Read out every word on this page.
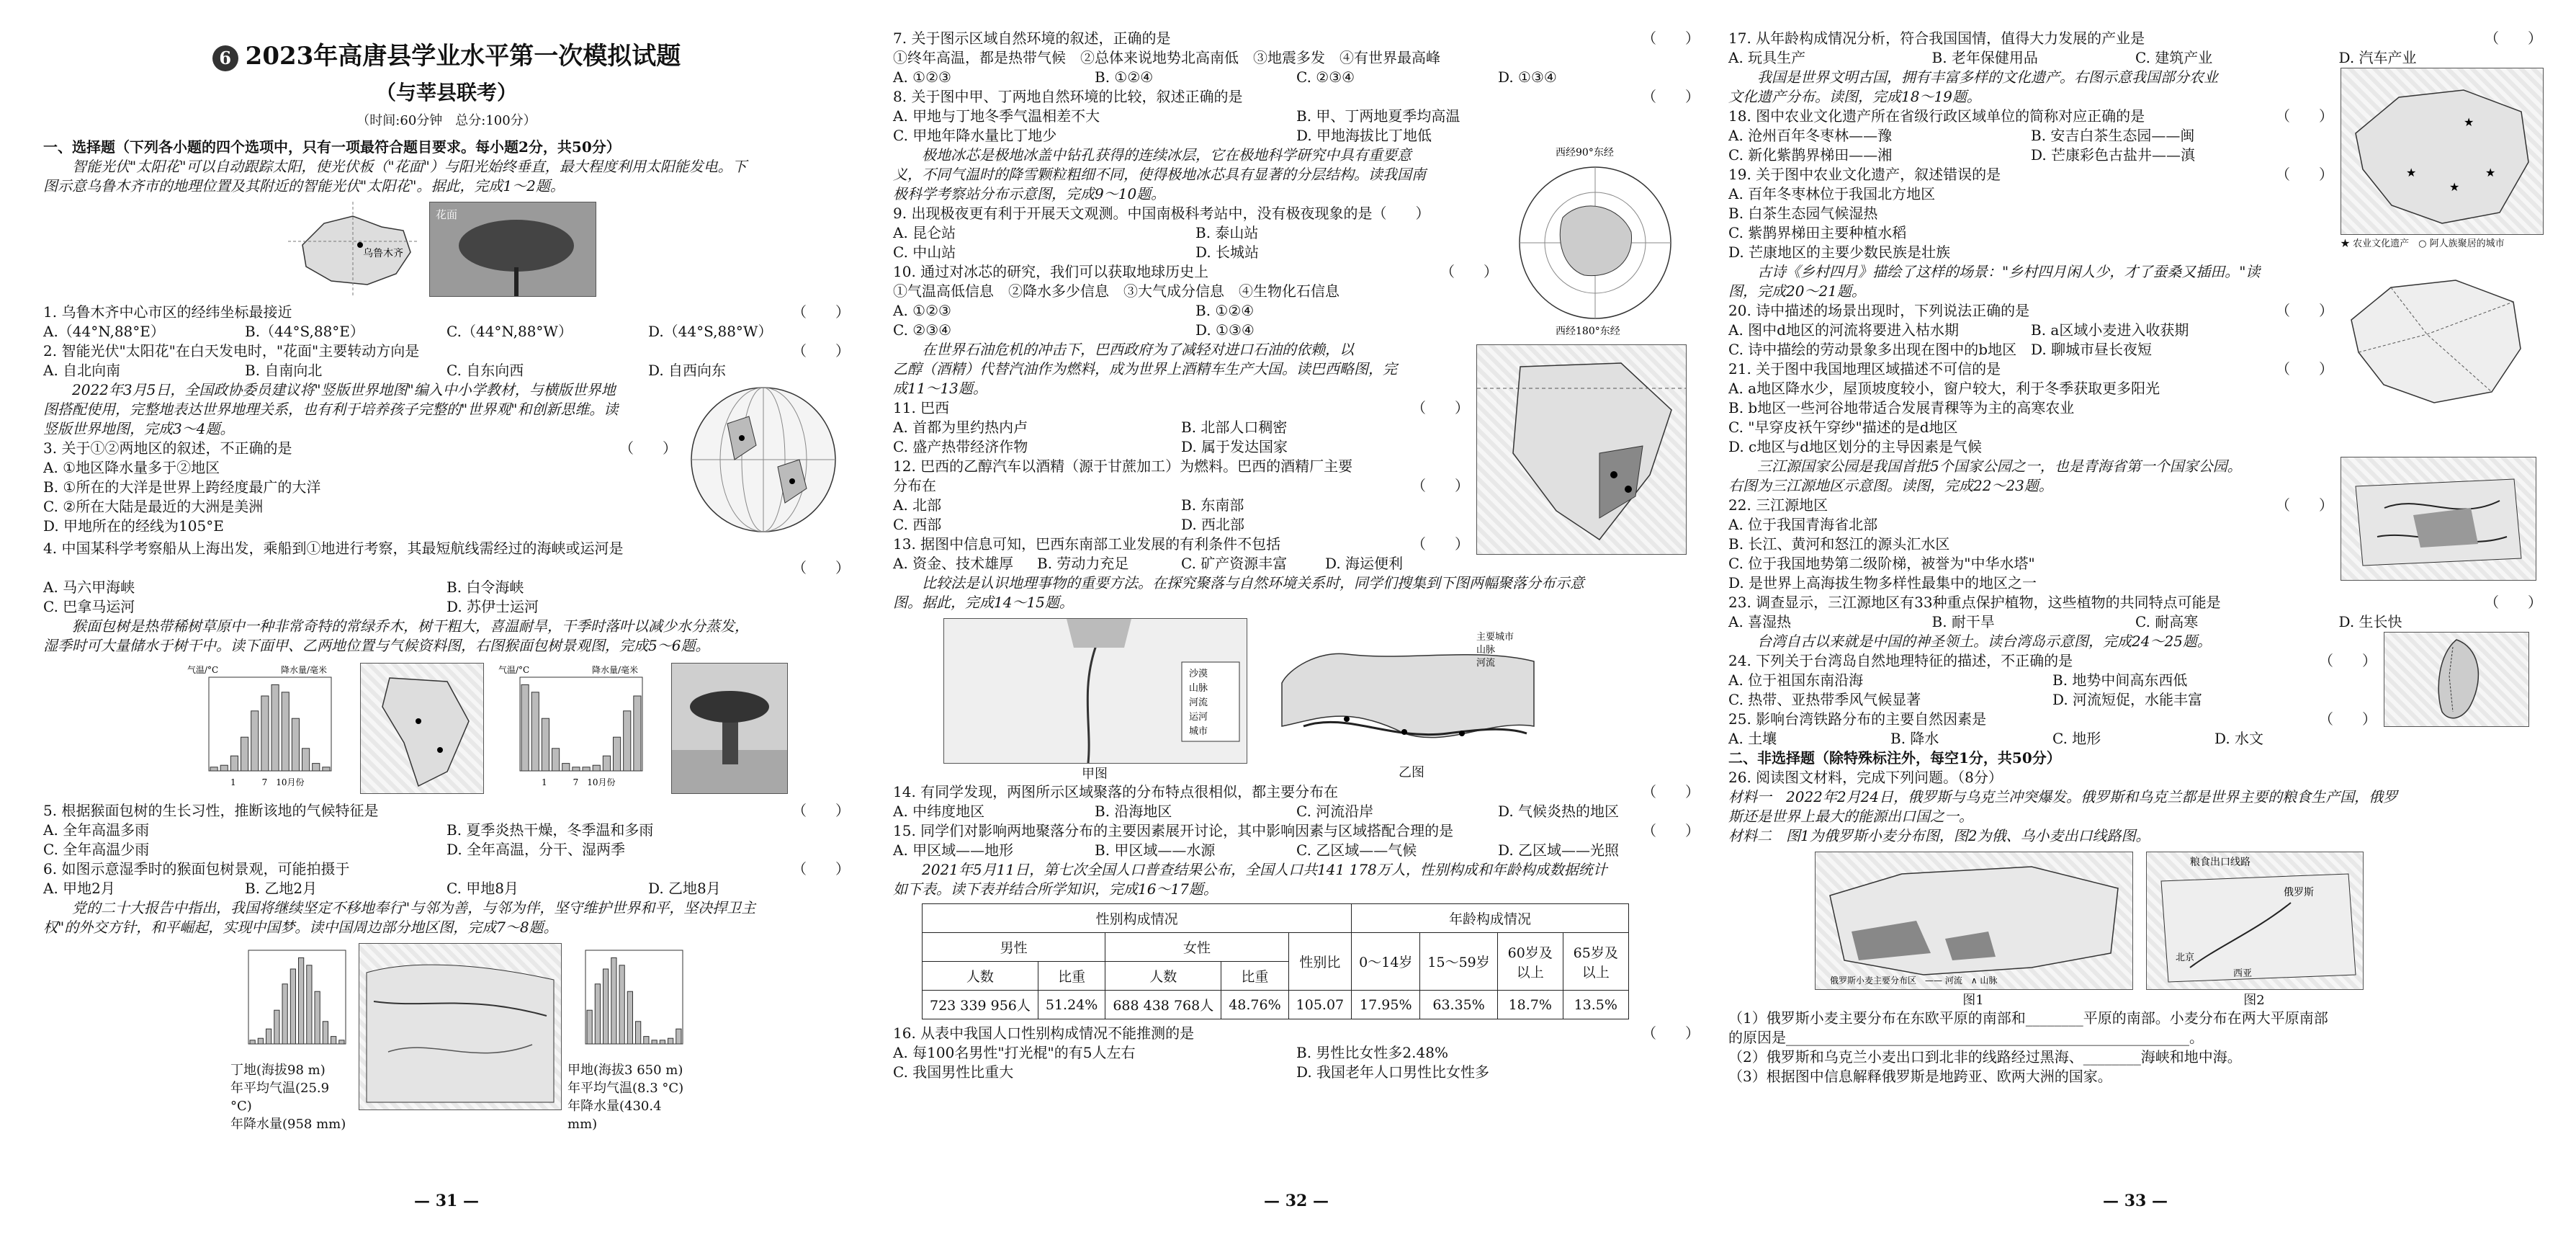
6 2023年高唐县学业水平第一次模拟试题
（与莘县联考）
（时间:60分钟　总分:100分）
一、选择题（下列各小题的四个选项中，只有一项最符合题目要求。每小题2分，共50分）
　　智能光伏"太阳花"可以自动跟踪太阳，使光伏板（"花面"）与阳光始终垂直，最大程度利用太阳能发电。下
图示意乌鲁木齐市的地理位置及其附近的智能光伏"太阳花"。据此，完成1～2题。
乌鲁木齐
花面
1. 乌鲁木齐中心市区的经纬坐标最接近	（　　）
A.（44°N,88°E）	B.（44°S,88°E）	C.（44°N,88°W）	D.（44°S,88°W）
2. 智能光伏"太阳花"在白天发电时，"花面"主要转动方向是	（　　）
A. 自北向南	B. 自南向北	C. 自东向西	D. 自西向东
　　2022年3月5日，全国政协委员建议将"竖版世界地图"编入中小学教材，与横版世界地
图搭配使用，完整地表达世界地理关系，也有利于培养孩子完整的"世界观"和创新思维。读
竖版世界地图，完成3～4题。
3. 关于①②两地区的叙述，不正确的是	（　　）
A. ①地区降水量多于②地区
B. ①所在的大洋是世界上跨经度最广的大洋
C. ②所在大陆是最近的大洲是美洲
D. 甲地所在的经线为105°E
4. 中国某科学考察船从上海出发，乘船到①地进行考察，其最短航线需经过的海峡或运河是
（　　）
A. 马六甲海峡	B. 白令海峡
C. 巴拿马运河	D. 苏伊士运河
　　猴面包树是热带稀树草原中一种非常奇特的常绿乔木，树干粗大，喜温耐旱，干季时落叶以减少水分蒸发，
湿季时可大量储水于树干中。读下面甲、乙两地位置与气候资料图，右图猴面包树景观图，完成5～6题。
气温/°C	降水量/毫米
1　　　7　10月份
气温/°C	降水量/毫米
1　　　7　10月份
5. 根据猴面包树的生长习性，推断该地的气候特征是	（　　）
A. 全年高温多雨	B. 夏季炎热干燥，冬季温和多雨
C. 全年高温少雨	D. 全年高温，分干、湿两季
6. 如图示意湿季时的猴面包树景观，可能拍摄于	（　　）
A. 甲地2月	B. 乙地2月	C. 甲地8月	D. 乙地8月
　　党的二十大报告中指出，我国将继续坚定不移地奉行"与邻为善，与邻为伴，坚守维护世界和平，坚决捍卫主
权"的外交方针，和平崛起，实现中国梦。读中国周边部分地区图，完成7～8题。
丁地(海拔98 m)
年平均气温(25.9 °C)
年降水量(958 mm)
甲地(海拔3 650 m)
年平均气温(8.3 °C)
年降水量(430.4 mm)
— 31 —
7. 关于图示区域自然环境的叙述，正确的是	（　　）
①终年高温，都是热带气候　②总体来说地势北高南低　③地震多发　④有世界最高峰
A. ①②③	B. ①②④	C. ②③④	D. ①③④
8. 关于图中甲、丁两地自然环境的比较，叙述正确的是	（　　）
A. 甲地与丁地冬季气温相差不大	B. 甲、丁两地夏季均高温
C. 甲地年降水量比丁地少	D. 甲地海拔比丁地低
　　极地冰芯是极地冰盖中钻孔获得的连续冰层，它在极地科学研究中具有重要意
义，不同气温时的降雪颗粒粗细不同，使得极地冰芯具有显著的分层结构。读我国南
极科学考察站分布示意图，完成9～10题。
9. 出现极夜更有利于开展天文观测。中国南极科考站中，没有极夜现象的是（　　）
A. 昆仑站	B. 泰山站
C. 中山站	D. 长城站
10. 通过对冰芯的研究，我们可以获取地球历史上	（　　）
①气温高低信息　②降水多少信息　③大气成分信息　④生物化石信息
A. ①②③	B. ①②④
C. ②③④	D. ①③④
西经90°东经
西经180°东经
　　在世界石油危机的冲击下，巴西政府为了减轻对进口石油的依赖，以
乙醇（酒精）代替汽油作为燃料，成为世界上酒精车生产大国。读巴西略图，完
成11～13题。
11. 巴西	（　　）
A. 首都为里约热内卢	B. 北部人口稠密
C. 盛产热带经济作物	D. 属于发达国家
12. 巴西的乙醇汽车以酒精（源于甘蔗加工）为燃料。巴西的酒精厂主要
分布在	（　　）
A. 北部	B. 东南部
C. 西部	D. 西北部
13. 据图中信息可知，巴西东南部工业发展的有利条件不包括	（　　）
A. 资金、技术雄厚	B. 劳动力充足	C. 矿产资源丰富	D. 海运便利
　　比较法是认识地理事物的重要方法。在探究聚落与自然环境关系时，同学们搜集到下图两幅聚落分布示意
图。据此，完成14～15题。
沙漠
山脉
河流
运河
城市
甲图
主要城市
山脉
河流
乙图
14. 有同学发现，两图所示区域聚落的分布特点很相似，都主要分布在	（　　）
A. 中纬度地区	B. 沿海地区	C. 河流沿岸	D. 气候炎热的地区
15. 同学们对影响两地聚落分布的主要因素展开讨论，其中影响因素与区域搭配合理的是	（　　）
A. 甲区域——地形	B. 甲区域——水源	C. 乙区域——气候	D. 乙区域——光照
　　2021年5月11日，第七次全国人口普查结果公布，全国人口共141 178万人，性别构成和年龄构成数据统计
如下表。读下表并结合所学知识，完成16～17题。
性别构成情况					年龄构成情况			
男性		女性		性别比	0～14岁	15～59岁	60岁及以上	65岁及以上
人数	比重	人数	比重					
723 339 956人	51.24%	688 438 768人	48.76%	105.07	17.95%	63.35%	18.7%	13.5%
16. 从表中我国人口性别构成情况不能推测的是	（　　）
A. 每100名男性"打光棍"的有5人左右	B. 男性比女性多2.48%
C. 我国男性比重大	D. 我国老年人口男性比女性多
— 32 —
17. 从年龄构成情况分析，符合我国国情，值得大力发展的产业是	（　　）
A. 玩具生产	B. 老年保健用品	C. 建筑产业	D. 汽车产业
　　我国是世界文明古国，拥有丰富多样的文化遗产。右图示意我国部分农业
文化遗产分布。读图，完成18～19题。
18. 图中农业文化遗产所在省级行政区域单位的简称对应正确的是	（　　）
A. 沧州百年冬枣林——豫	B. 安吉白茶生态园——闽
C. 新化紫鹊界梯田——湘	D. 芒康彩色古盐井——滇
19. 关于图中农业文化遗产，叙述错误的是	（　　）
A. 百年冬枣林位于我国北方地区
B. 白茶生态园气候湿热
C. 紫鹊界梯田主要种植水稻
D. 芒康地区的主要少数民族是壮族
★
★
★
★
★ 农业文化遗产　○ 阿人族聚居的城市
　　古诗《乡村四月》描绘了这样的场景："乡村四月闲人少，才了蚕桑又插田。"读
图，完成20～21题。
20. 诗中描述的场景出现时，下列说法正确的是	（　　）
A. 图中d地区的河流将要进入枯水期	B. a区域小麦进入收获期
C. 诗中描绘的劳动景象多出现在图中的b地区 D. 聊城市昼长夜短
21. 关于图中我国地理区域描述不可信的是	（　　）
A. a地区降水少，屋顶坡度较小，窗户较大，利于冬季获取更多阳光
B. b地区一些河谷地带适合发展青稞等为主的高寒农业
C. "早穿皮袄午穿纱"描述的是d地区
D. c地区与d地区划分的主导因素是气候
　　三江源国家公园是我国首批5个国家公园之一，也是青海省第一个国家公园。
右图为三江源地区示意图。读图，完成22～23题。
22. 三江源地区	（　　）
A. 位于我国青海省北部
B. 长江、黄河和怒江的源头汇水区
C. 位于我国地势第二级阶梯，被誉为"中华水塔"
D. 是世界上高海拔生物多样性最集中的地区之一
23. 调查显示，三江源地区有33种重点保护植物，这些植物的共同特点可能是	（　　）
A. 喜湿热	B. 耐干旱	C. 耐高寒	D. 生长快
　　台湾自古以来就是中国的神圣领土。读台湾岛示意图，完成24～25题。
24. 下列关于台湾岛自然地理特征的描述，不正确的是	（　　）
A. 位于祖国东南沿海	B. 地势中间高东西低
C. 热带、亚热带季风气候显著	D. 河流短促，水能丰富
25. 影响台湾铁路分布的主要自然因素是	（　　）
A. 土壤	B. 降水	C. 地形	D. 水文
二、非选择题（除特殊标注外，每空1分，共50分）
26. 阅读图文材料，完成下列问题。（8分）
材料一　2022年2月24日，俄罗斯与乌克兰冲突爆发。俄罗斯和乌克兰都是世界主要的粮食生产国，俄罗
斯还是世界上最大的能源出口国之一。
材料二　图1为俄罗斯小麦分布图，图2为俄、乌小麦出口线路图。
俄罗斯小麦主要分布区　—— 河流　∧ 山脉
图1
粮食出口线路
俄罗斯
北京
西亚
图2
（1）俄罗斯小麦主要分布在东欧平原的南部和________平原的南部。小麦分布在两大平原南部
的原因是________________________________________________________。
（2）俄罗斯和乌克兰小麦出口到北非的线路经过黑海、________海峡和地中海。
（3）根据图中信息解释俄罗斯是地跨亚、欧两大洲的国家。
— 33 —
